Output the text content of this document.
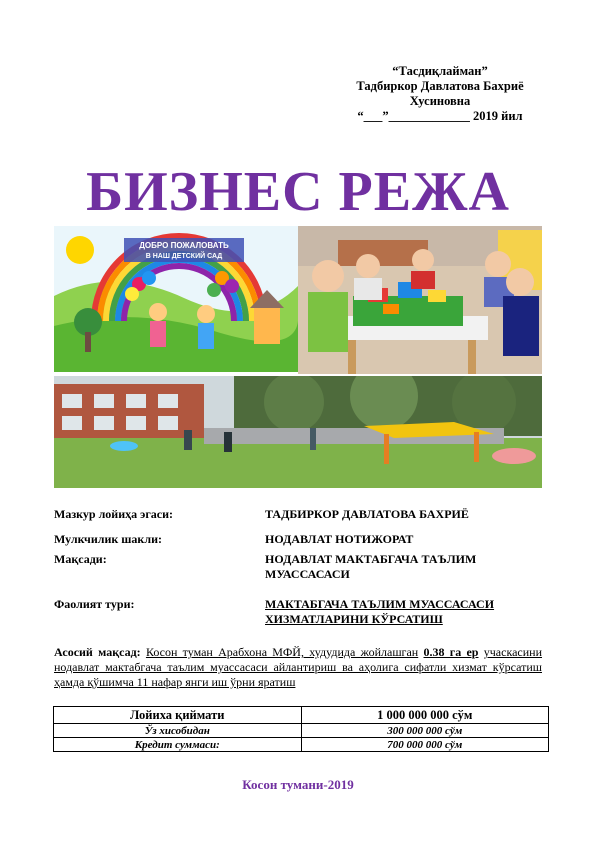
“Тасдиқлайман”
Тадбиркор Давлатова Бахриё
Хусиновна
“___”_____________ 2019 йил
БИЗНЕС РЕЖА
ДОБРО ПОЖАЛОВАТЬ
В НАШ ДЕТСКИЙ САД
Мазкур лойиҳа эгаси:	ТАДБИРКОР ДАВЛАТОВА БАХРИЁ
Мулкчилик шакли:	НОДАВЛАТ НОТИЖОРАТ
Мақсади:	НОДАВЛАТ МАКТАБГАЧА ТАЪЛИМ МУАССАСАСИ
Фаолият тури:	МАКТАБГАЧА ТАЪЛИМ МУАССАСАСИ ХИЗМАТЛАРИНИ КЎРСАТИШ
Асосий мақсад: Косон туман Арабхона МФЙ, худудида жойлашган 0.38 га ер учаскасини нодавлат мактабгача таълим муассасаси айлантириш ва аҳолига сифатли хизмат кўрсатиш ҳамда қўшимча 11 нафар янги иш ўрни яратиш
Лойиха қиймати	1 000 000 000 сўм
Ўз хисобидан	300 000 000 сўм
Кредит суммаси:	700 000 000 сўм
Косон тумани-2019
